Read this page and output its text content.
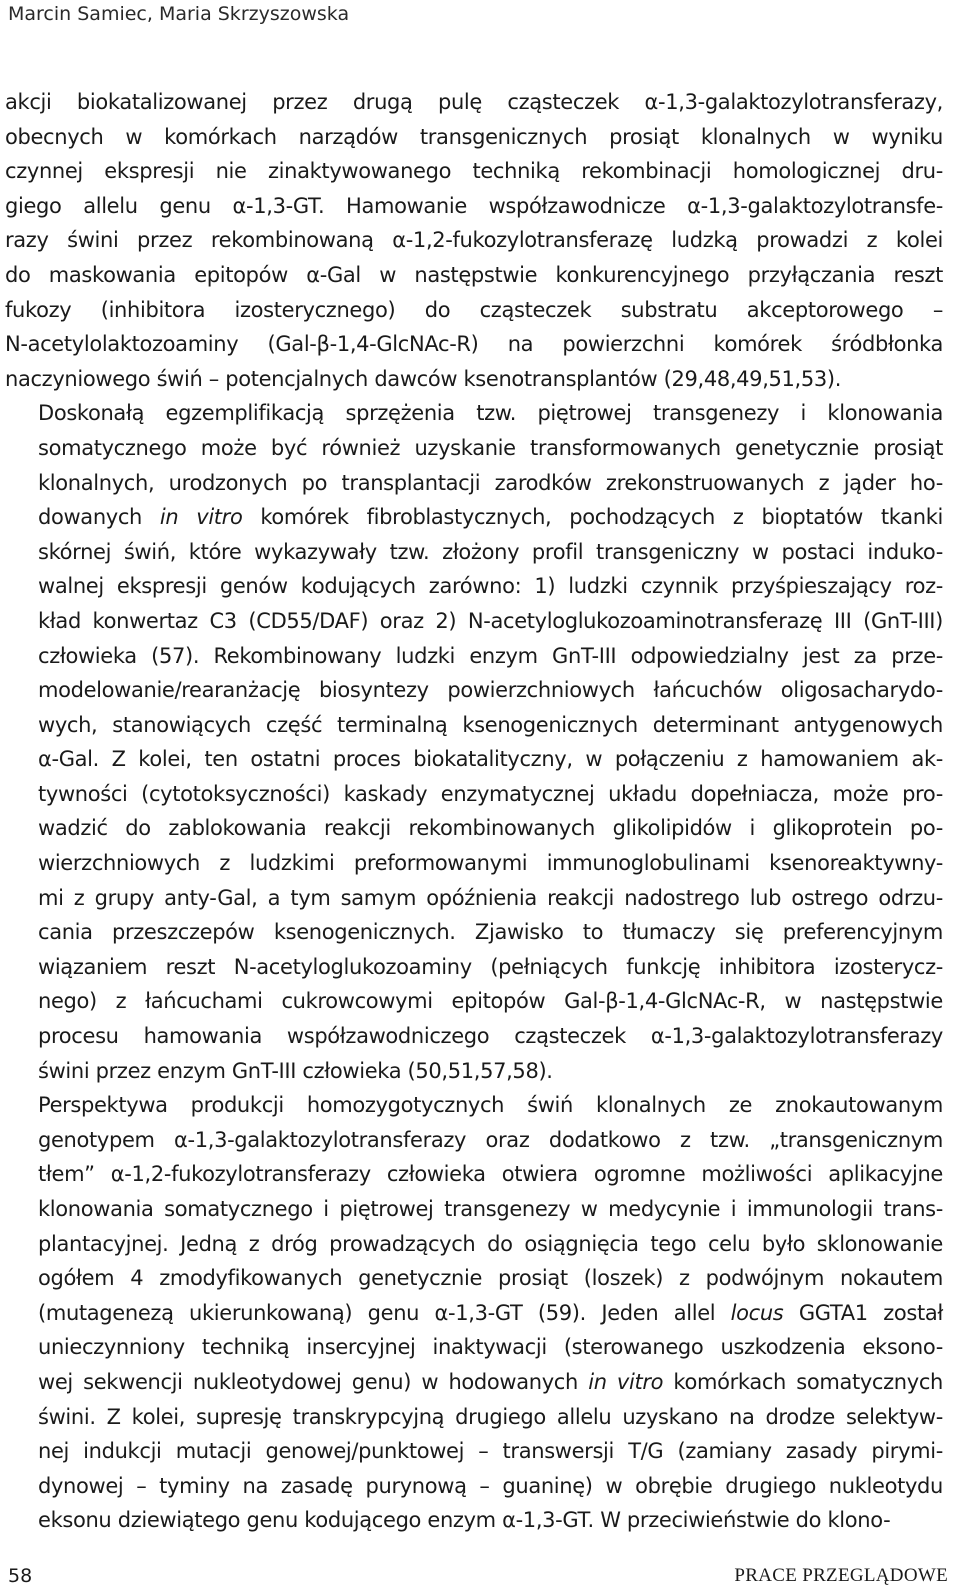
Marcin Samiec, Maria Skrzyszowska

akcji biokatalizowanej przez drugą pulę cząsteczek α-1,3-galaktozylotransferazy,
obecnych w komórkach narządów transgenicznych prosiąt klonalnych w wyniku
czynnej ekspresji nie zinaktywowanego techniką rekombinacji homologicznej dru-
giego allelu genu α-1,3-GT. Hamowanie współzawodnicze α-1,3-galaktozylotransfe-
razy świni przez rekombinowaną α-1,2-fukozylotransferazę ludzką prowadzi z kolei
do maskowania epitopów α-Gal w następstwie konkurencyjnego przyłączania reszt
fukozy (inhibitora izosterycznego) do cząsteczek substratu akceptorowego –
N-acetylolaktozoaminy (Gal-β-1,4-GlcNAc-R) na powierzchni komórek śródbłonka
naczyniowego świń – potencjalnych dawców ksenotransplantów (29,48,49,51,53).

Doskonałą egzemplifikacją sprzężenia tzw. piętrowej transgenezy i klonowania
somatycznego może być również uzyskanie transformowanych genetycznie prosiąt
klonalnych, urodzonych po transplantacji zarodków zrekonstruowanych z jąder ho-
dowanych in vitro komórek fibroblastycznych, pochodzących z bioptatów tkanki
skórnej świń, które wykazywały tzw. złożony profil transgeniczny w postaci induko-
walnej ekspresji genów kodujących zarówno: 1) ludzki czynnik przyśpieszający roz-
kład konwertaz C3 (CD55/DAF) oraz 2) N-acetyloglukozoaminotransferazę III (GnT-III)
człowieka (57). Rekombinowany ludzki enzym GnT-III odpowiedzialny jest za prze-
modelowanie/rearanżację biosyntezy powierzchniowych łańcuchów oligosacharydo-
wych, stanowiących część terminalną ksenogenicznych determinant antygenowych
α-Gal. Z kolei, ten ostatni proces biokatalityczny, w połączeniu z hamowaniem ak-
tywności (cytotoksyczności) kaskady enzymatycznej układu dopełniacza, może pro-
wadzić do zablokowania reakcji rekombinowanych glikolipidów i glikoprotein po-
wierzchniowych z ludzkimi preformowanymi immunoglobulinami ksenoreaktywny-
mi z grupy anty-Gal, a tym samym opóźnienia reakcji nadostrego lub ostrego odrzu-
cania przeszczepów ksenogenicznych. Zjawisko to tłumaczy się preferencyjnym
wiązaniem reszt N-acetyloglukozoaminy (pełniących funkcję inhibitora izosterycz-
nego) z łańcuchami cukrowcowymi epitopów Gal-β-1,4-GlcNAc-R, w następstwie
procesu hamowania współzawodniczego cząsteczek α-1,3-galaktozylotransferazy
świni przez enzym GnT-III człowieka (50,51,57,58).

Perspektywa produkcji homozygotycznych świń klonalnych ze znokautowanym
genotypem α-1,3-galaktozylotransferazy oraz dodatkowo z tzw. „transgenicznym
tłem” α-1,2-fukozylotransferazy człowieka otwiera ogromne możliwości aplikacyjne
klonowania somatycznego i piętrowej transgenezy w medycynie i immunologii trans-
plantacyjnej. Jedną z dróg prowadzących do osiągnięcia tego celu było sklonowanie
ogółem 4 zmodyfikowanych genetycznie prosiąt (loszek) z podwójnym nokautem
(mutagenezą ukierunkowaną) genu α-1,3-GT (59). Jeden allel locus GGTA1 został
unieczynniony techniką insercyjnej inaktywacji (sterowanego uszkodzenia eksono-
wej sekwencji nukleotydowej genu) w hodowanych in vitro komórkach somatycznych
świni. Z kolei, supresję transkrypcyjną drugiego allelu uzyskano na drodze selektyw-
nej indukcji mutacji genowej/punktowej – transwersji T/G (zamiany zasady pirymi-
dynowej – tyminy na zasadę purynową – guaninę) w obrębie drugiego nukleotydu
eksonu dziewiątego genu kodującego enzym α-1,3-GT. W przeciwieństwie do klono-

58	PRACE PRZEGLĄDOWE
